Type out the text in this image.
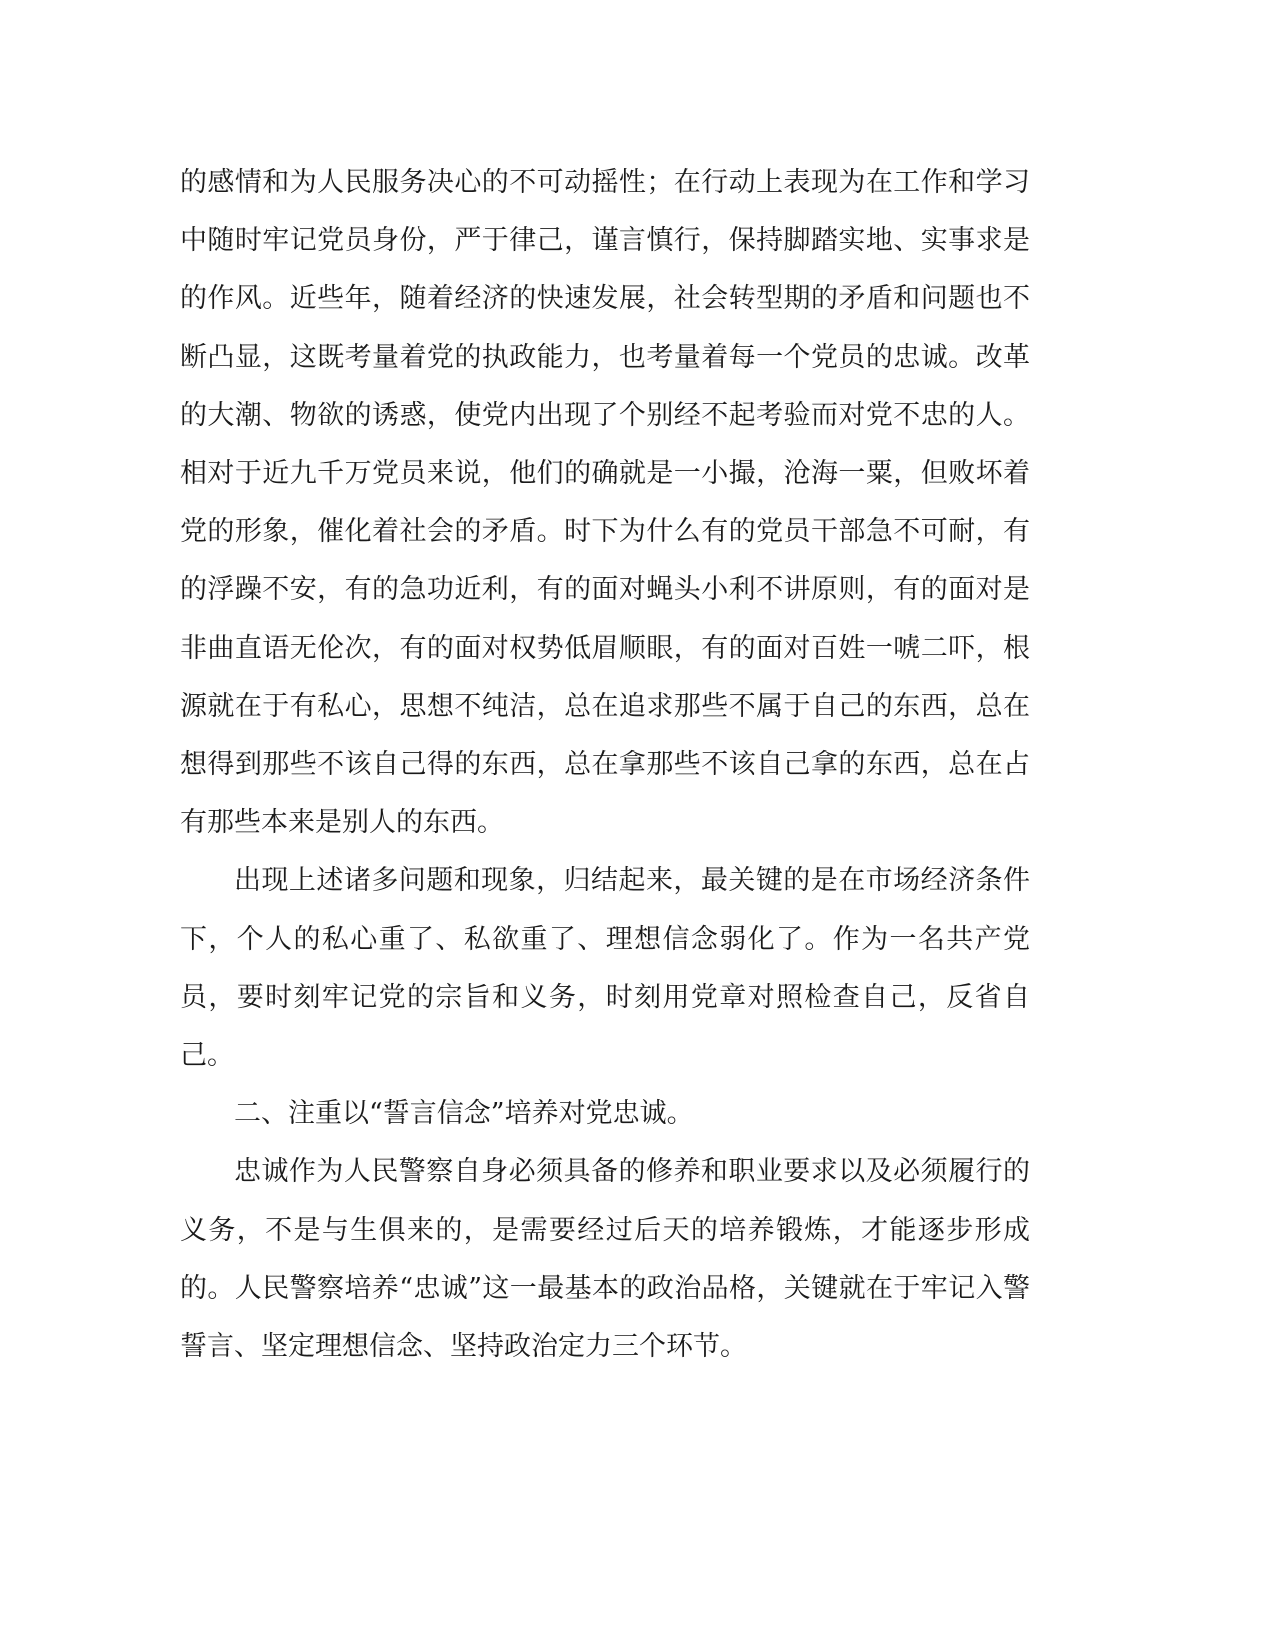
的感情和为人民服务决心的不可动摇性；在行动上表现为在工作和学习中随时牢记党员身份，严于律己，谨言慎行，保持脚踏实地、实事求是的作风。近些年，随着经济的快速发展，社会转型期的矛盾和问题也不断凸显，这既考量着党的执政能力，也考量着每一个党员的忠诚。改革的大潮、物欲的诱惑，使党内出现了个别经不起考验而对党不忠的人。相对于近九千万党员来说，他们的确就是一小撮，沧海一粟，但败坏着党的形象，催化着社会的矛盾。时下为什么有的党员干部急不可耐，有的浮躁不安，有的急功近利，有的面对蝇头小利不讲原则，有的面对是非曲直语无伦次，有的面对权势低眉顺眼，有的面对百姓一唬二吓，根源就在于有私心，思想不纯洁，总在追求那些不属于自己的东西，总在想得到那些不该自己得的东西，总在拿那些不该自己拿的东西，总在占有那些本来是别人的东西。

出现上述诸多问题和现象，归结起来，最关键的是在市场经济条件下，个人的私心重了、私欲重了、理想信念弱化了。作为一名共产党员，要时刻牢记党的宗旨和义务，时刻用党章对照检查自己，反省自己。

二、注重以“誓言信念”培养对党忠诚。

忠诚作为人民警察自身必须具备的修养和职业要求以及必须履行的义务，不是与生俱来的，是需要经过后天的培养锻炼，才能逐步形成的。人民警察培养“忠诚”这一最基本的政治品格，关键就在于牢记入警誓言、坚定理想信念、坚持政治定力三个环节。
